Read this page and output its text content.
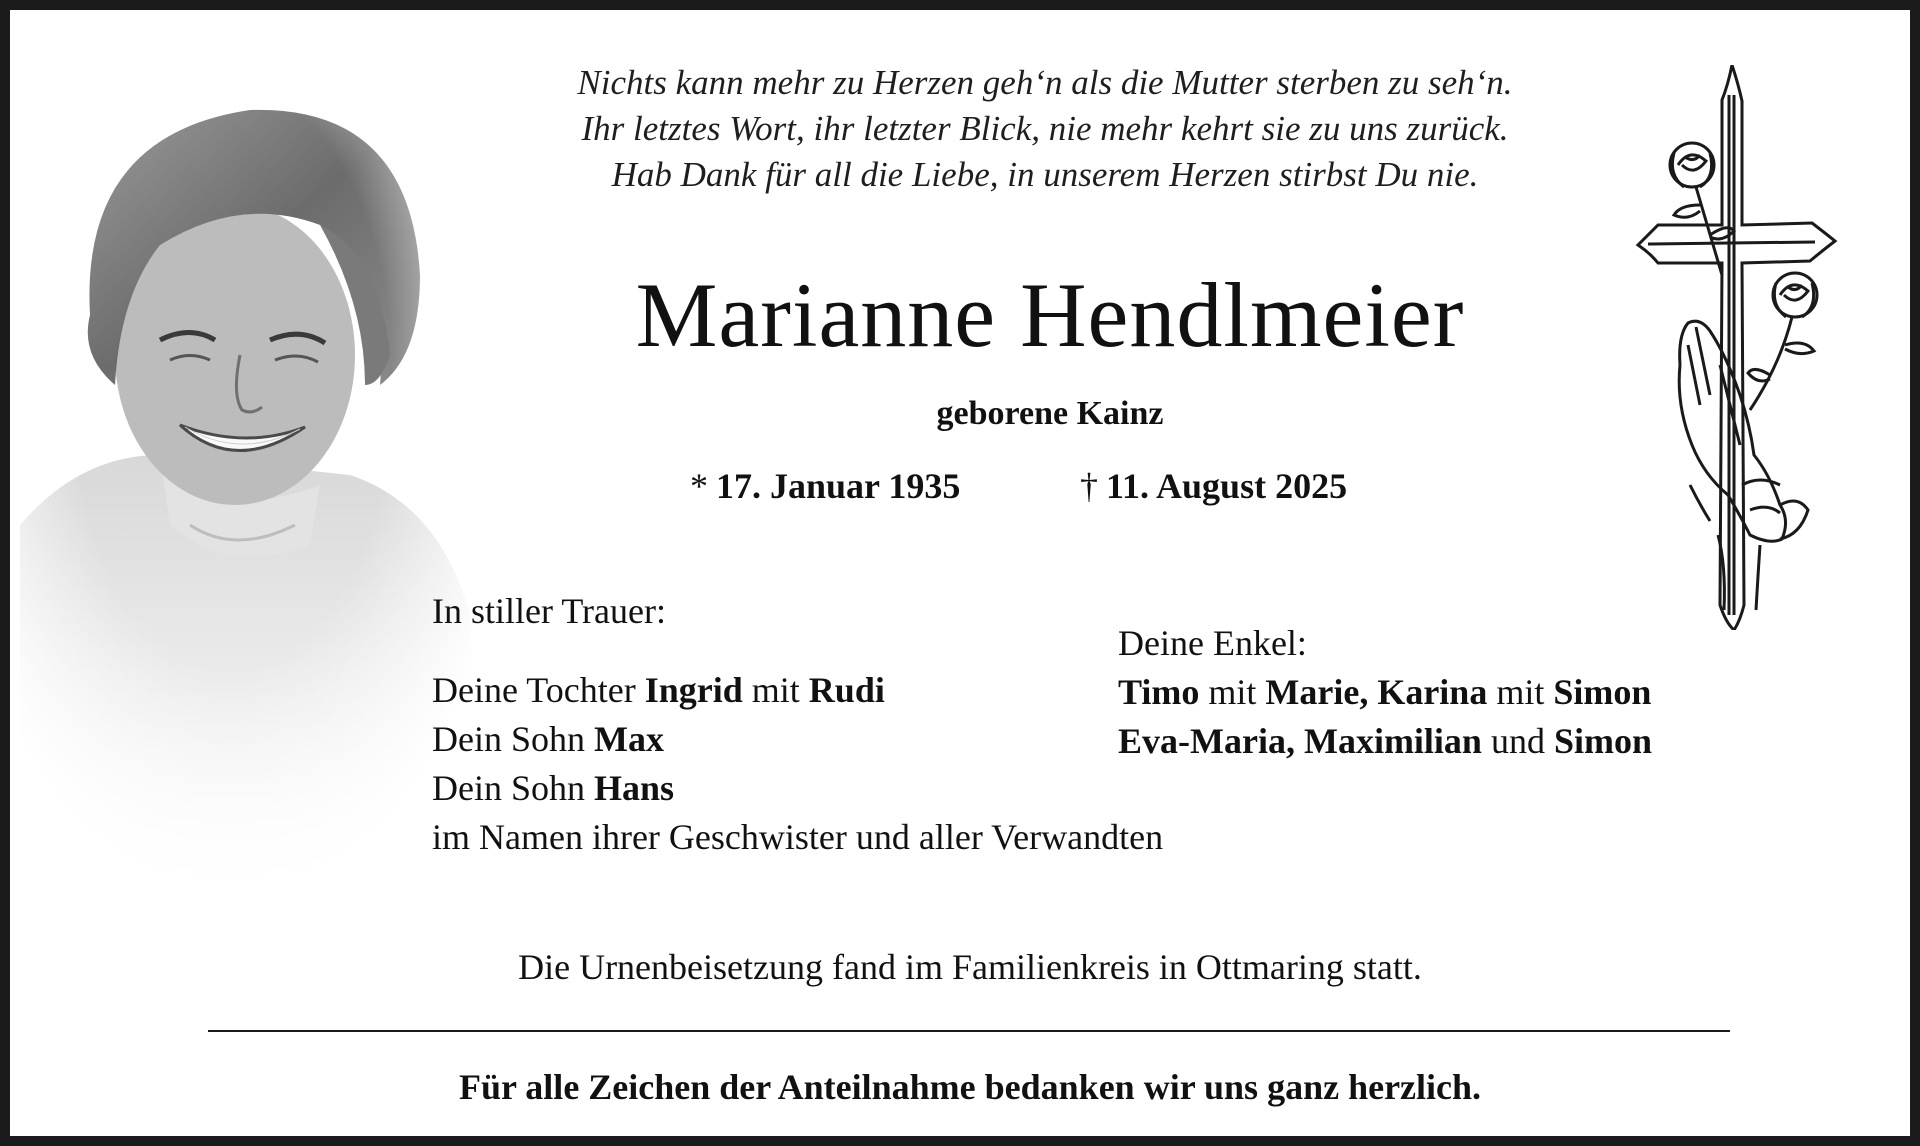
Nichts kann mehr zu Herzen geh‘n als die Mutter sterben zu seh‘n.
Ihr letztes Wort, ihr letzter Blick, nie mehr kehrt sie zu uns zurück.
Hab Dank für all die Liebe, in unserem Herzen stirbst Du nie.
Marianne Hendlmeier
geborene Kainz
* 17. Januar 1935	† 11. August 2025
In stiller Trauer:
Deine Tochter Ingrid mit Rudi
Dein Sohn Max
Dein Sohn Hans
im Namen ihrer Geschwister und aller Verwandten
Deine Enkel:
Timo mit Marie, Karina mit Simon
Eva-Maria, Maximilian und Simon
Die Urnenbeisetzung fand im Familienkreis in Ottmaring statt.
Für alle Zeichen der Anteilnahme bedanken wir uns ganz herzlich.
